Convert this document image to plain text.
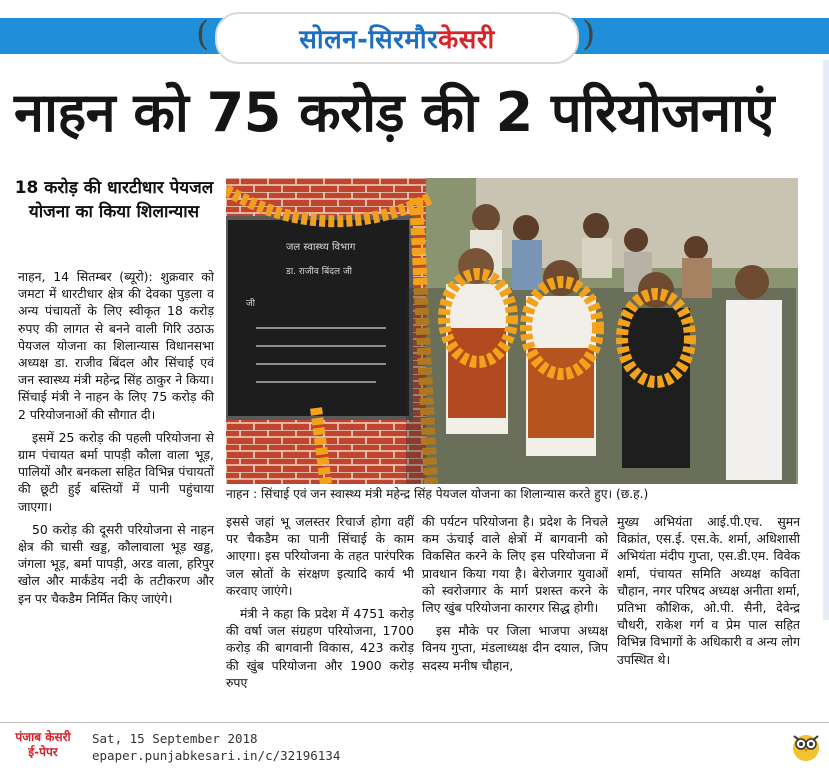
(	)
सोलन-सिरमौर केसरी
नाहन को 75 करोड़ की 2 परियोजनाएं
18 करोड़ की धारटीधार पेयजल योजना का किया शिलान्यास

नाहन, 14 सितम्बर (ब्यूरो): शुक्रवार को जमटा में धारटीधार क्षेत्र की देवका पुड़ला व अन्य पंचायतों के लिए स्वीकृत 18 करोड़ रुपए की लागत से बनने वाली गिरि उठाऊ पेयजल योजना का शिलान्यास विधानसभा अध्यक्ष डा. राजीव बिंदल और सिंचाई एवं जन स्वास्थ्य मंत्री महेन्द्र सिंह ठाकुर ने किया। सिंचाई मंत्री ने नाहन के लिए 75 करोड़ की 2 परियोजनाओं की सौगात दी।

इसमें 25 करोड़ की पहली परियोजना से ग्राम पंचायत बर्मा पापड़ी कौला वाला भूड़, पालियों और बनकला सहित विभिन्न पंचायतों की छूटी हुई बस्तियों में पानी पहुंचाया जाएगा।

50 करोड़ की दूसरी परियोजना से नाहन क्षेत्र की चासी खड्ड, कौलावाला भूड़ खड्ड, जंगला भूड़, बर्मा पापड़ी, अरड वाला, हरिपुर खोल और मार्कंडेय नदी के तटीकरण और इन पर चैकडैम निर्मित किए जाएंगे।

जल स्वास्थ्य विभाग
डा. राजीव बिंदल जी
जी
नाहन : सिंचाई एवं जन स्वास्थ्य मंत्री महेन्द्र सिंह पेयजल योजना का शिलान्यास करते हुए। (छ.ह.)

इससे जहां भू जलस्तर रिचार्ज होगा वहीं पर चैकडैम का पानी सिंचाई के काम आएगा। इस परियोजना के तहत पारंपरिक जल स्रोतों के संरक्षण इत्यादि कार्य भी करवाए जाएंगे।

मंत्री ने कहा कि प्रदेश में 4751 करोड़ की वर्षा जल संग्रहण परियोजना, 1700 करोड़ की बागवानी विकास, 423 करोड़ की खुंब परियोजना और 1900 करोड़ रुपए

की पर्यटन परियोजना है। प्रदेश के निचले कम ऊंचाई वाले क्षेत्रों में बागवानी को विकसित करने के लिए इस परियोजना में प्रावधान किया गया है। बेरोजगार युवाओं को स्वरोजगार के मार्ग प्रशस्त करने के लिए खुंब परियोजना कारगर सिद्ध होगी।

इस मौके पर जिला भाजपा अध्यक्ष विनय गुप्ता, मंडलाध्यक्ष दीन दयाल, जिप सदस्य मनीष चौहान,

मुख्य अभियंता आई.पी.एच. सुमन विक्रांत, एस.ई. एस.के. शर्मा, अधिशासी अभियंता मंदीप गुप्ता, एस.डी.एम. विवेक शर्मा, पंचायत समिति अध्यक्ष कविता चौहान, नगर परिषद अध्यक्ष अनीता शर्मा, प्रतिभा कौशिक, ओ.पी. सैनी, देवेन्द्र चौधरी, राकेश गर्ग व प्रेम पाल सहित विभिन्न विभागों के अधिकारी व अन्य लोग उपस्थित थे।

पंजाब केसरी
ई-पेपर
Sat, 15 September 2018
epaper.punjabkesari.in/c/32196134
